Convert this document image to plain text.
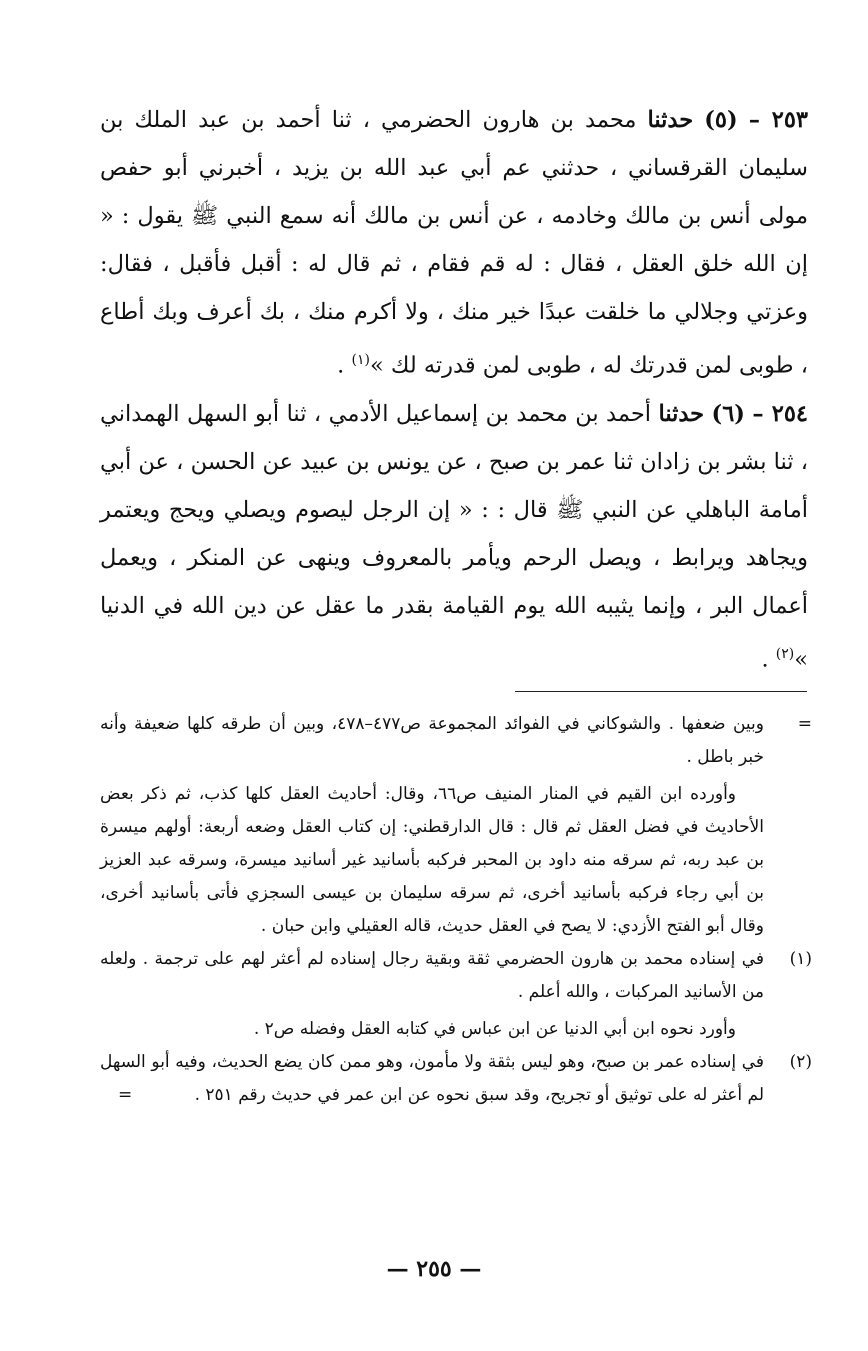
٢٥٣ – (٥) حدثنا محمد بن هارون الحضرمي ، ثنا أحمد بن عبد الملك بن سليمان القرقساني ، حدثني عم أبي عبد الله بن يزيد ، أخبرني أبو حفص مولى أنس بن مالك وخادمه ، عن أنس بن مالك أنه سمع النبي ﷺ يقول : « إن الله خلق العقل ، فقال : له قم فقام ، ثم قال له : أقبل فأقبل ، فقال: وعزتي وجلالي ما خلقت عبدًا خير منك ، ولا أكرم منك ، بك أعرف وبك أطاع ، طوبى لمن قدرتك له ، طوبى لمن قدرته لك »$^{(١)}$ .

٢٥٤ – (٦) حدثنا أحمد بن محمد بن إسماعيل الأدمي ، ثنا أبو السهل الهمداني ، ثنا بشر بن زادان ثنا عمر بن صبح ، عن يونس بن عبيد عن الحسن ، عن أبي أمامة الباهلي عن النبي ﷺ قال : : « إن الرجل ليصوم ويصلي ويحج ويعتمر ويجاهد ويرابط ، ويصل الرحم ويأمر بالمعروف وينهى عن المنكر ، ويعمل أعمال البر ، وإنما يثيبه الله يوم القيامة بقدر ما عقل عن دين الله في الدنيا »$^{(٢)}$ .

=

وبين ضعفها . والشوكاني في الفوائد المجموعة ص٤٧٧–٤٧٨، وبين أن طرقه كلها ضعيفة وأنه خبر باطل .

وأورده ابن القيم في المنار المنيف ص٦٦، وقال: أحاديث العقل كلها كذب، ثم ذكر بعض الأحاديث في فضل العقل ثم قال : قال الدارقطني: إن كتاب العقل وضعه أربعة: أولهم ميسرة بن عبد ربه، ثم سرقه منه داود بن المحبر فركبه بأسانيد غير أسانيد ميسرة، وسرقه عبد العزيز بن أبي رجاء فركبه بأسانيد أخرى، ثم سرقه سليمان بن عيسى السجزي فأتى بأسانيد أخرى، وقال أبو الفتح الأزدي: لا يصح في العقل حديث، قاله العقيلي وابن حبان .

(١)

في إسناده محمد بن هارون الحضرمي ثقة وبقية رجال إسناده لم أعثر لهم على ترجمة . ولعله من الأسانيد المركبات ، والله أعلم .

وأورد نحوه ابن أبي الدنيا عن ابن عباس في كتابه العقل وفضله ص٢ .

(٢)

في إسناده عمر بن صبح، وهو ليس بثقة ولا مأمون، وهو ممن كان يضع الحديث، وفيه أبو السهل لم أعثر له على توثيق أو تجريح، وقد سبق نحوه عن ابن عمر في حديث رقم ٢٥١ .

=
— ٢٥٥ —
